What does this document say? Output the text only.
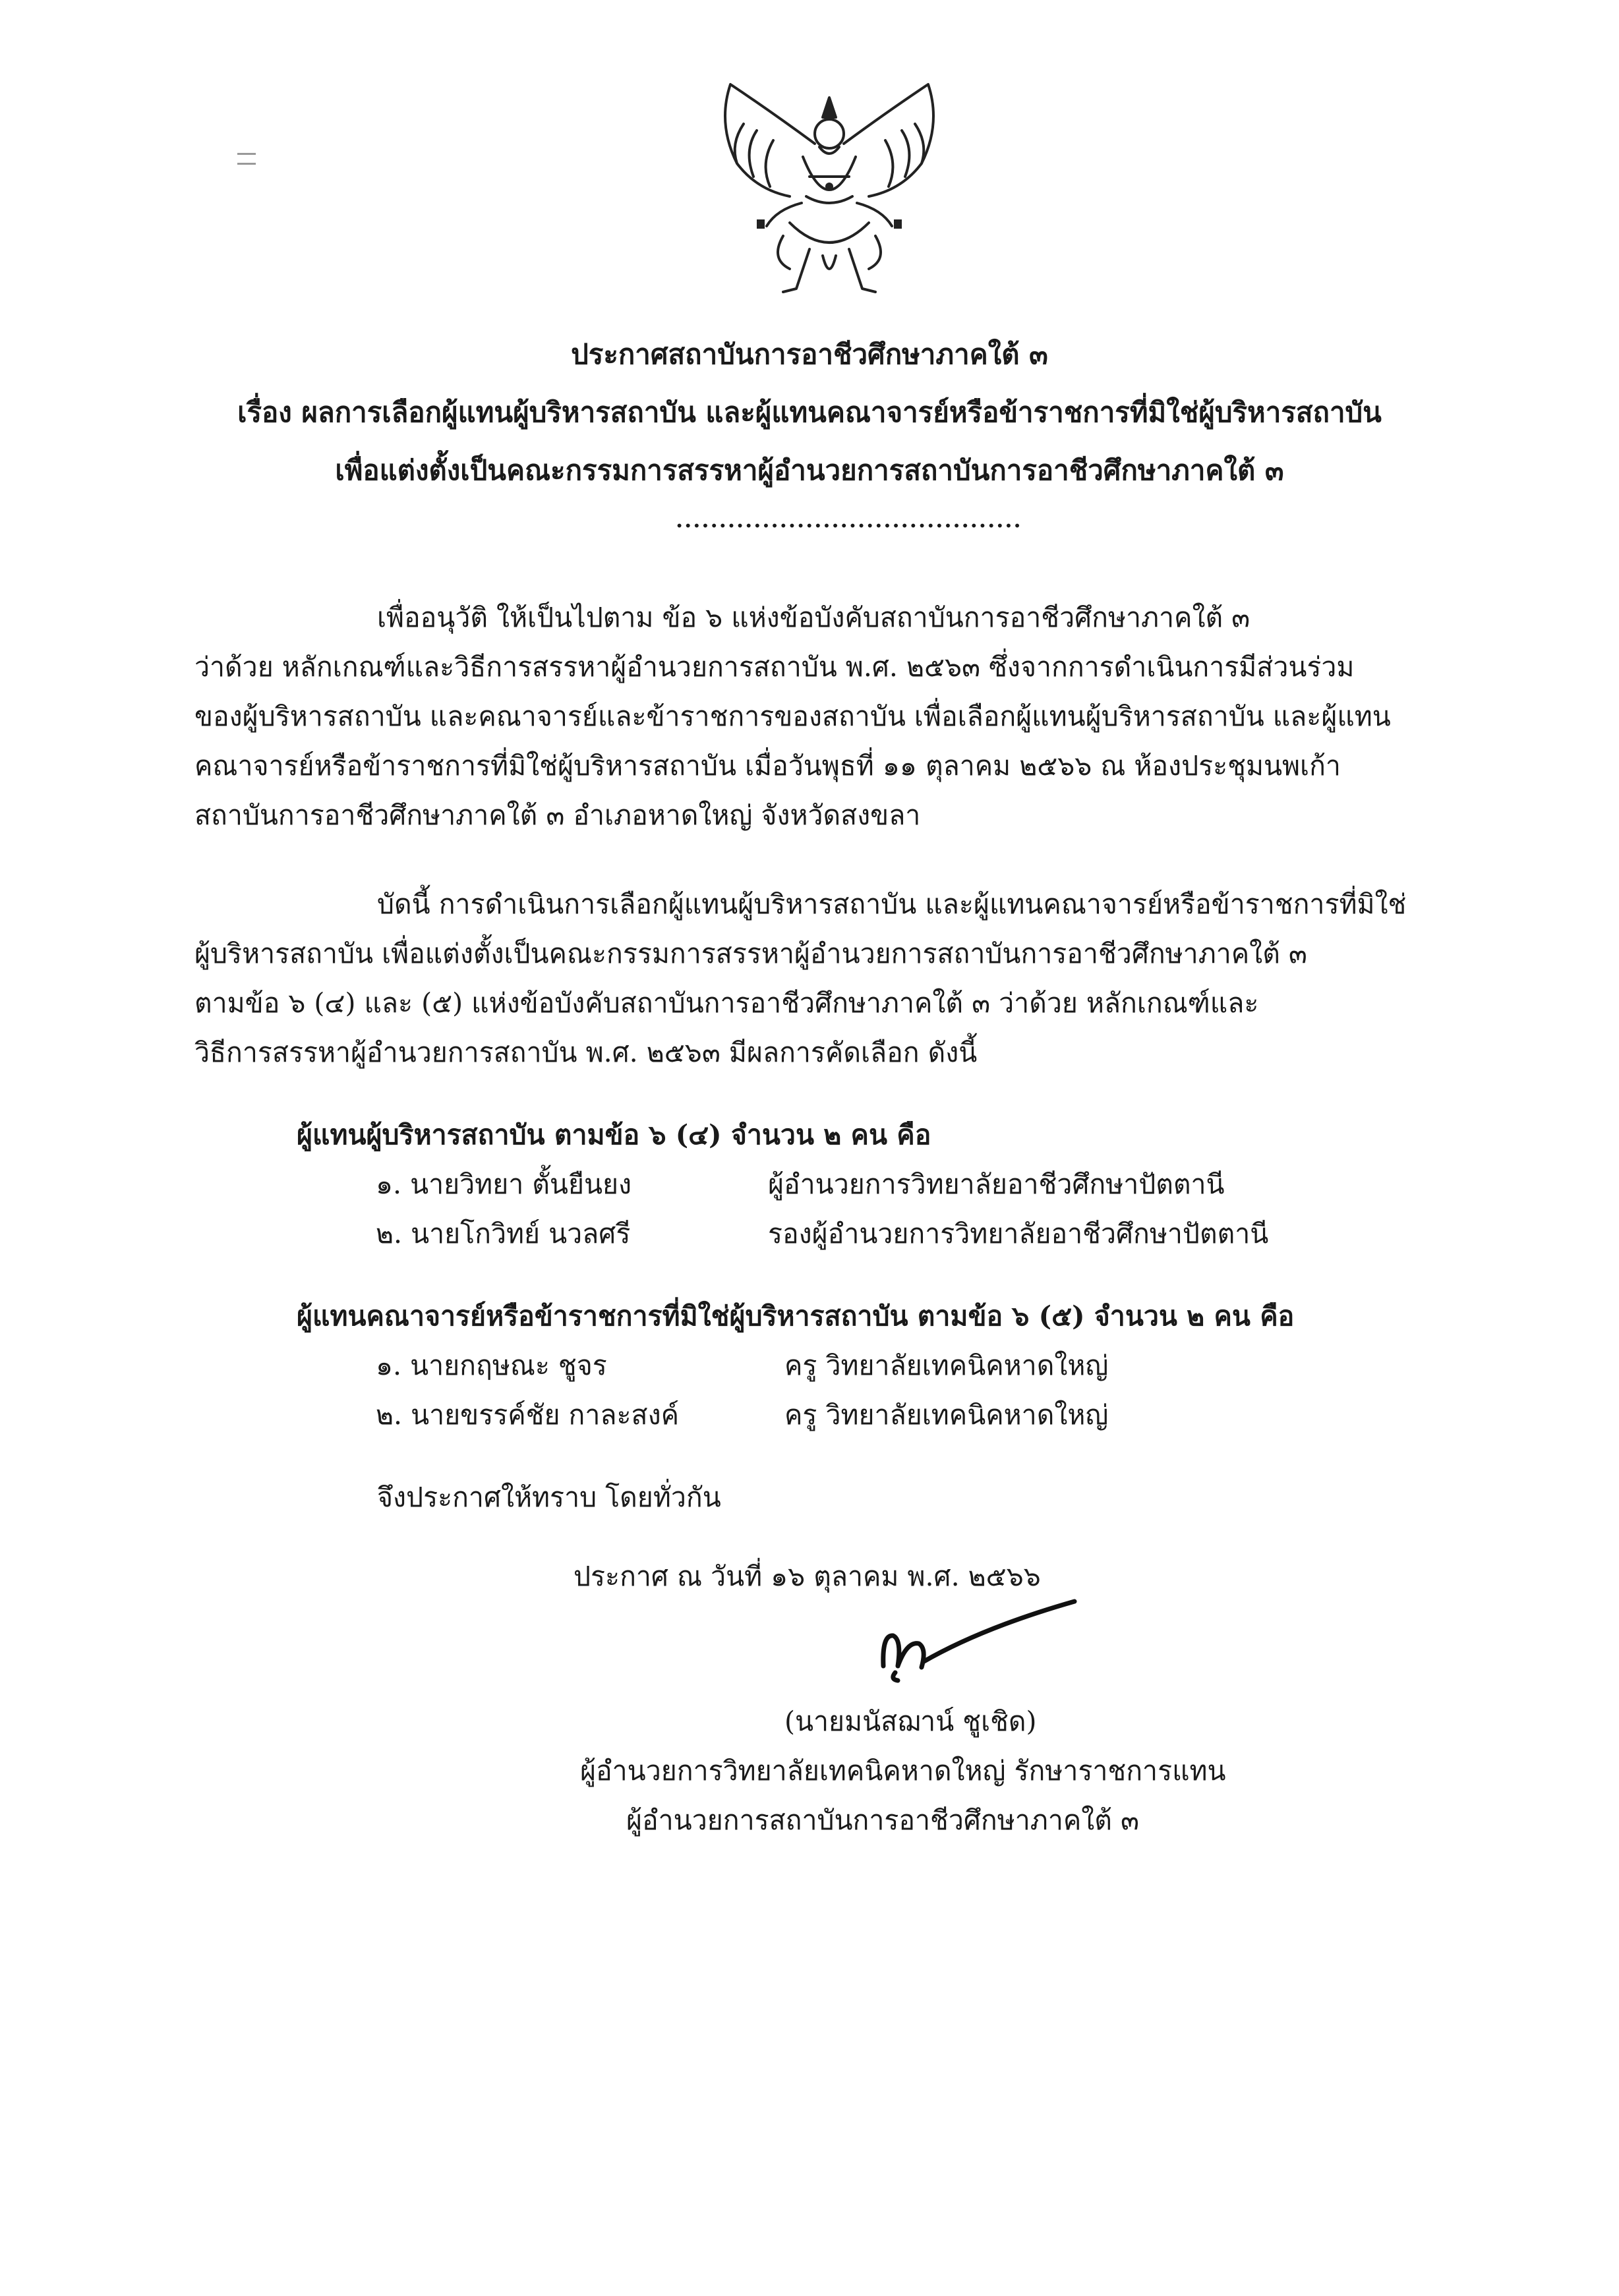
ประกาศสถาบันการอาชีวศึกษาภาคใต้ ๓
เรื่อง ผลการเลือกผู้แทนผู้บริหารสถาบัน และผู้แทนคณาจารย์หรือข้าราชการที่มิใช่ผู้บริหารสถาบัน
เพื่อแต่งตั้งเป็นคณะกรรมการสรรหาผู้อำนวยการสถาบันการอาชีวศึกษาภาคใต้ ๓
........................................
เพื่ออนุวัติ ให้เป็นไปตาม ข้อ ๖ แห่งข้อบังคับสถาบันการอาชีวศึกษาภาคใต้ ๓
ว่าด้วย หลักเกณฑ์และวิธีการสรรหาผู้อำนวยการสถาบัน พ.ศ. ๒๕๖๓ ซึ่งจากการดำเนินการมีส่วนร่วม
ของผู้บริหารสถาบัน และคณาจารย์และข้าราชการของสถาบัน เพื่อเลือกผู้แทนผู้บริหารสถาบัน และผู้แทน
คณาจารย์หรือข้าราชการที่มิใช่ผู้บริหารสถาบัน เมื่อวันพุธที่ ๑๑ ตุลาคม ๒๕๖๖ ณ ห้องประชุมนพเก้า
สถาบันการอาชีวศึกษาภาคใต้ ๓ อำเภอหาดใหญ่ จังหวัดสงขลา
บัดนี้ การดำเนินการเลือกผู้แทนผู้บริหารสถาบัน และผู้แทนคณาจารย์หรือข้าราชการที่มิใช่
ผู้บริหารสถาบัน เพื่อแต่งตั้งเป็นคณะกรรมการสรรหาผู้อำนวยการสถาบันการอาชีวศึกษาภาคใต้ ๓
ตามข้อ ๖ (๔) และ (๕) แห่งข้อบังคับสถาบันการอาชีวศึกษาภาคใต้ ๓ ว่าด้วย หลักเกณฑ์และ
วิธีการสรรหาผู้อำนวยการสถาบัน พ.ศ. ๒๕๖๓ มีผลการคัดเลือก ดังนี้
ผู้แทนผู้บริหารสถาบัน ตามข้อ ๖ (๔) จำนวน ๒ คน คือ
๑. นายวิทยา ตั้นยืนยง	ผู้อำนวยการวิทยาลัยอาชีวศึกษาปัตตานี
๒. นายโกวิทย์ นวลศรี	รองผู้อำนวยการวิทยาลัยอาชีวศึกษาปัตตานี
ผู้แทนคณาจารย์หรือข้าราชการที่มิใช่ผู้บริหารสถาบัน ตามข้อ ๖ (๕) จำนวน ๒ คน คือ
๑. นายกฤษณะ ชูจร	ครู วิทยาลัยเทคนิคหาดใหญ่
๒. นายขรรค์ชัย กาละสงค์	ครู วิทยาลัยเทคนิคหาดใหญ่
จึงประกาศให้ทราบ โดยทั่วกัน
ประกาศ ณ วันที่ ๑๖ ตุลาคม พ.ศ. ๒๕๖๖
(นายมนัสฌาน์ ชูเชิด)
ผู้อำนวยการวิทยาลัยเทคนิคหาดใหญ่ รักษาราชการแทน
ผู้อำนวยการสถาบันการอาชีวศึกษาภาคใต้ ๓
